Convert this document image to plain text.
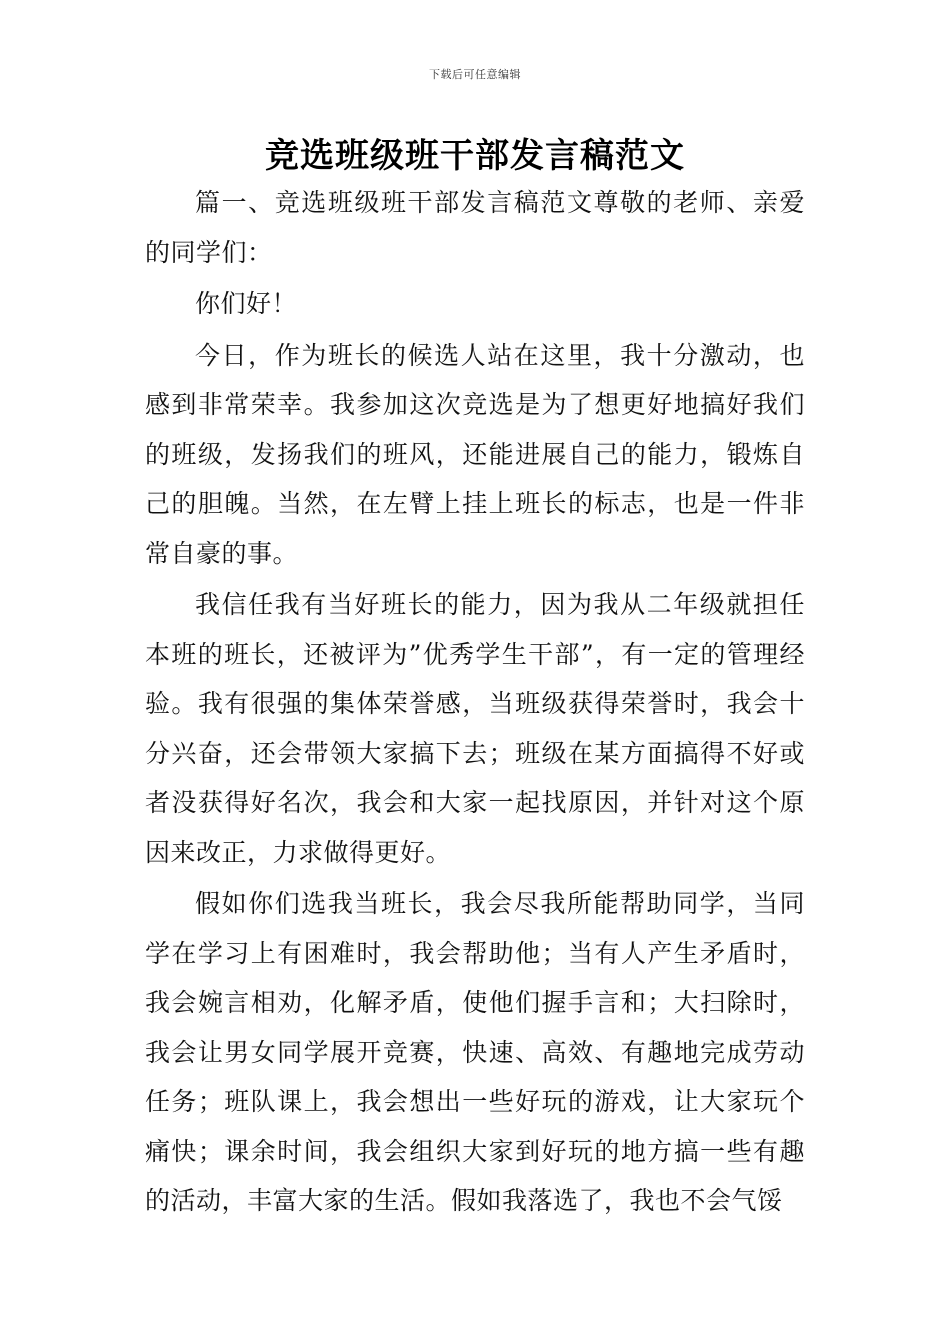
下载后可任意编辑
竞选班级班干部发言稿范文

篇一、竞选班级班干部发言稿范文尊敬的老师、亲爱的同学们：

你们好！

今日，作为班长的候选人站在这里，我十分激动，也感到非常荣幸。我参加这次竞选是为了想更好地搞好我们的班级，发扬我们的班风，还能进展自己的能力，锻炼自己的胆魄。当然，在左臂上挂上班长的标志，也是一件非常自豪的事。

我信任我有当好班长的能力，因为我从二年级就担任本班的班长，还被评为”优秀学生干部”，有一定的管理经验。我有很强的集体荣誉感，当班级获得荣誉时，我会十分兴奋，还会带领大家搞下去；班级在某方面搞得不好或者没获得好名次，我会和大家一起找原因，并针对这个原因来改正，力求做得更好。

假如你们选我当班长，我会尽我所能帮助同学，当同学在学习上有困难时，我会帮助他；当有人产生矛盾时，我会婉言相劝，化解矛盾，使他们握手言和；大扫除时，我会让男女同学展开竞赛，快速、高效、有趣地完成劳动任务；班队课上，我会想出一些好玩的游戏，让大家玩个痛快；课余时间，我会组织大家到好玩的地方搞一些有趣的活动，丰富大家的生活。假如我落选了，我也不会气馁
